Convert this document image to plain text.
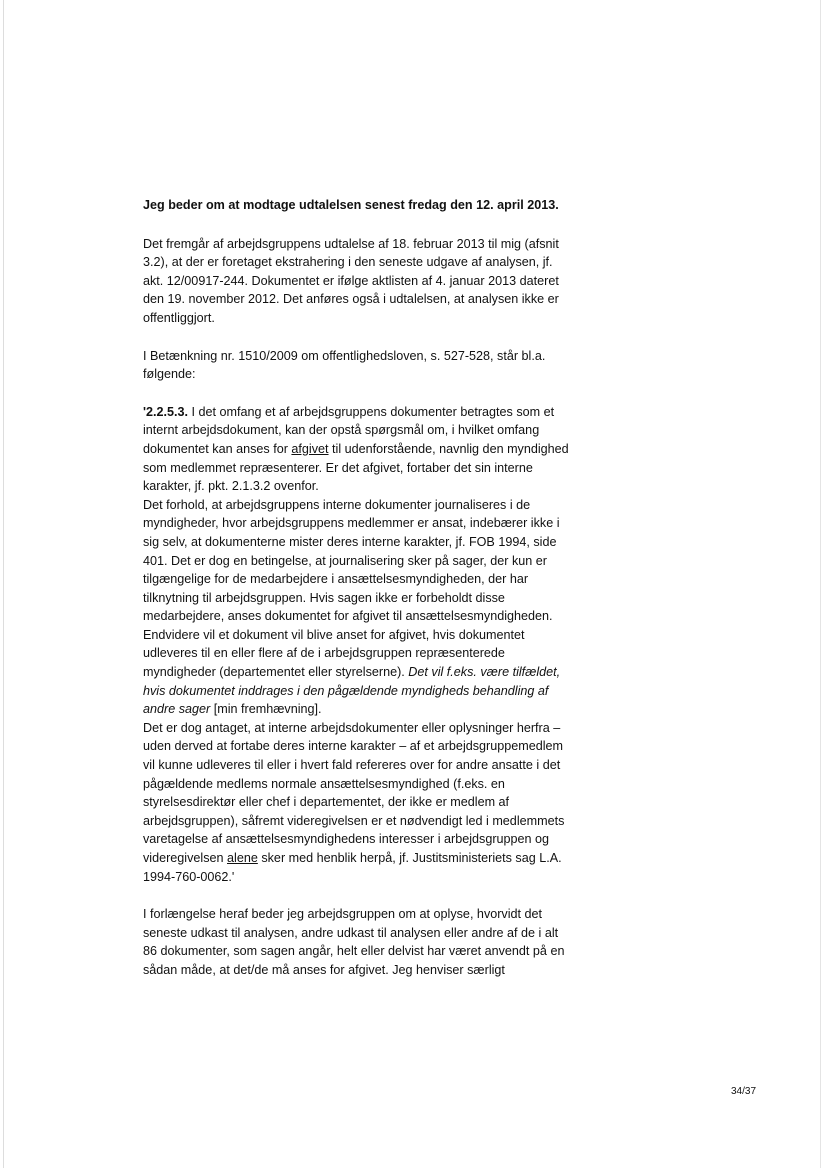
Jeg beder om at modtage udtalelsen senest fredag den 12. april 2013.

Det fremgår af arbejdsgruppens udtalelse af 18. februar 2013 til mig (afsnit 3.2), at der er foretaget ekstrahering i den seneste udgave af analysen, jf. akt. 12/00917-244. Dokumentet er ifølge aktlisten af 4. januar 2013 dateret den 19. november 2012. Det anføres også i udtalelsen, at analysen ikke er offentliggjort.

I Betænkning nr. 1510/2009 om offentlighedsloven, s. 527-528, står bl.a. følgende:

'2.2.5.3. I det omfang et af arbejdsgruppens dokumenter betragtes som et internt arbejdsdokument, kan der opstå spørgsmål om, i hvilket omfang dokumentet kan anses for afgivet til udenforstående, navnlig den myndighed som medlemmet repræsenterer. Er det afgivet, fortaber det sin interne karakter, jf. pkt. 2.1.3.2 ovenfor.

Det forhold, at arbejdsgruppens interne dokumenter journaliseres i de myndigheder, hvor arbejdsgruppens medlemmer er ansat, indebærer ikke i sig selv, at dokumenterne mister deres interne karakter, jf. FOB 1994, side 401. Det er dog en betingelse, at journalisering sker på sager, der kun er tilgængelige for de medarbejdere i ansættelsesmyndigheden, der har tilknytning til arbejdsgruppen. Hvis sagen ikke er forbeholdt disse medarbejdere, anses dokumentet for afgivet til ansættelsesmyndigheden.

Endvidere vil et dokument vil blive anset for afgivet, hvis dokumentet udleveres til en eller flere af de i arbejdsgruppen repræsenterede myndigheder (departementet eller styrelserne). Det vil f.eks. være tilfældet, hvis dokumentet inddrages i den pågældende myndigheds behandling af andre sager [min fremhævning].

Det er dog antaget, at interne arbejdsdokumenter eller oplysninger herfra – uden derved at fortabe deres interne karakter – af et arbejdsgruppemedlem vil kunne udleveres til eller i hvert fald refereres over for andre ansatte i det pågældende medlems normale ansættelsesmyndighed (f.eks. en styrelsesdirektør eller chef i departementet, der ikke er medlem af arbejdsgruppen), såfremt videregivelsen er et nødvendigt led i medlemmets varetagelse af ansættelsesmyndighedens interesser i arbejdsgruppen og videregivelsen alene sker med henblik herpå, jf. Justitsministeriets sag L.A. 1994-760-0062.'

I forlængelse heraf beder jeg arbejdsgruppen om at oplyse, hvorvidt det seneste udkast til analysen, andre udkast til analysen eller andre af de i alt 86 dokumenter, som sagen angår, helt eller delvist har været anvendt på en sådan måde, at det/de må anses for afgivet. Jeg henviser særligt

34/37
